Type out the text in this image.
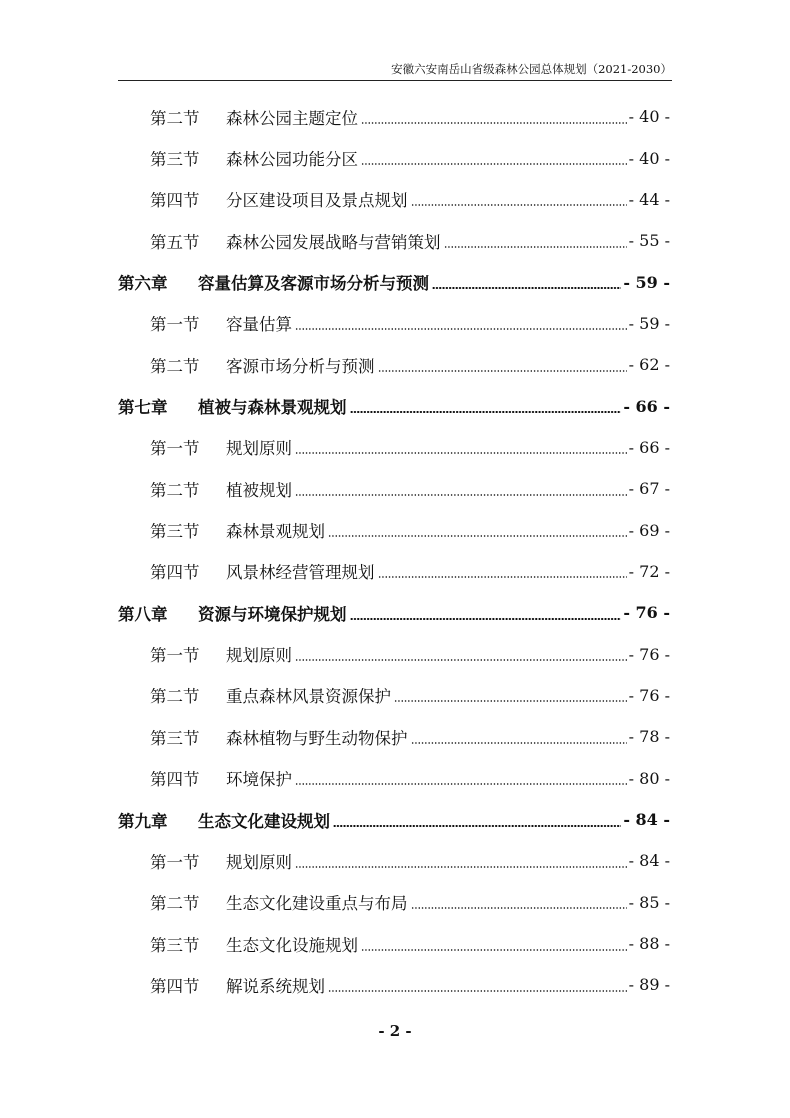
安徽六安南岳山省级森林公园总体规划（2021-2030）
第二节	森林公园主题定位	- 40 -
第三节	森林公园功能分区	- 40 -
第四节	分区建设项目及景点规划	- 44 -
第五节	森林公园发展战略与营销策划	- 55 -
第六章	容量估算及客源市场分析与预测	- 59 -
第一节	容量估算	- 59 -
第二节	客源市场分析与预测	- 62 -
第七章	植被与森林景观规划	- 66 -
第一节	规划原则	- 66 -
第二节	植被规划	- 67 -
第三节	森林景观规划	- 69 -
第四节	风景林经营管理规划	- 72 -
第八章	资源与环境保护规划	- 76 -
第一节	规划原则	- 76 -
第二节	重点森林风景资源保护	- 76 -
第三节	森林植物与野生动物保护	- 78 -
第四节	环境保护	- 80 -
第九章	生态文化建设规划	- 84 -
第一节	规划原则	- 84 -
第二节	生态文化建设重点与布局	- 85 -
第三节	生态文化设施规划	- 88 -
第四节	解说系统规划	- 89 -
- 2 -
